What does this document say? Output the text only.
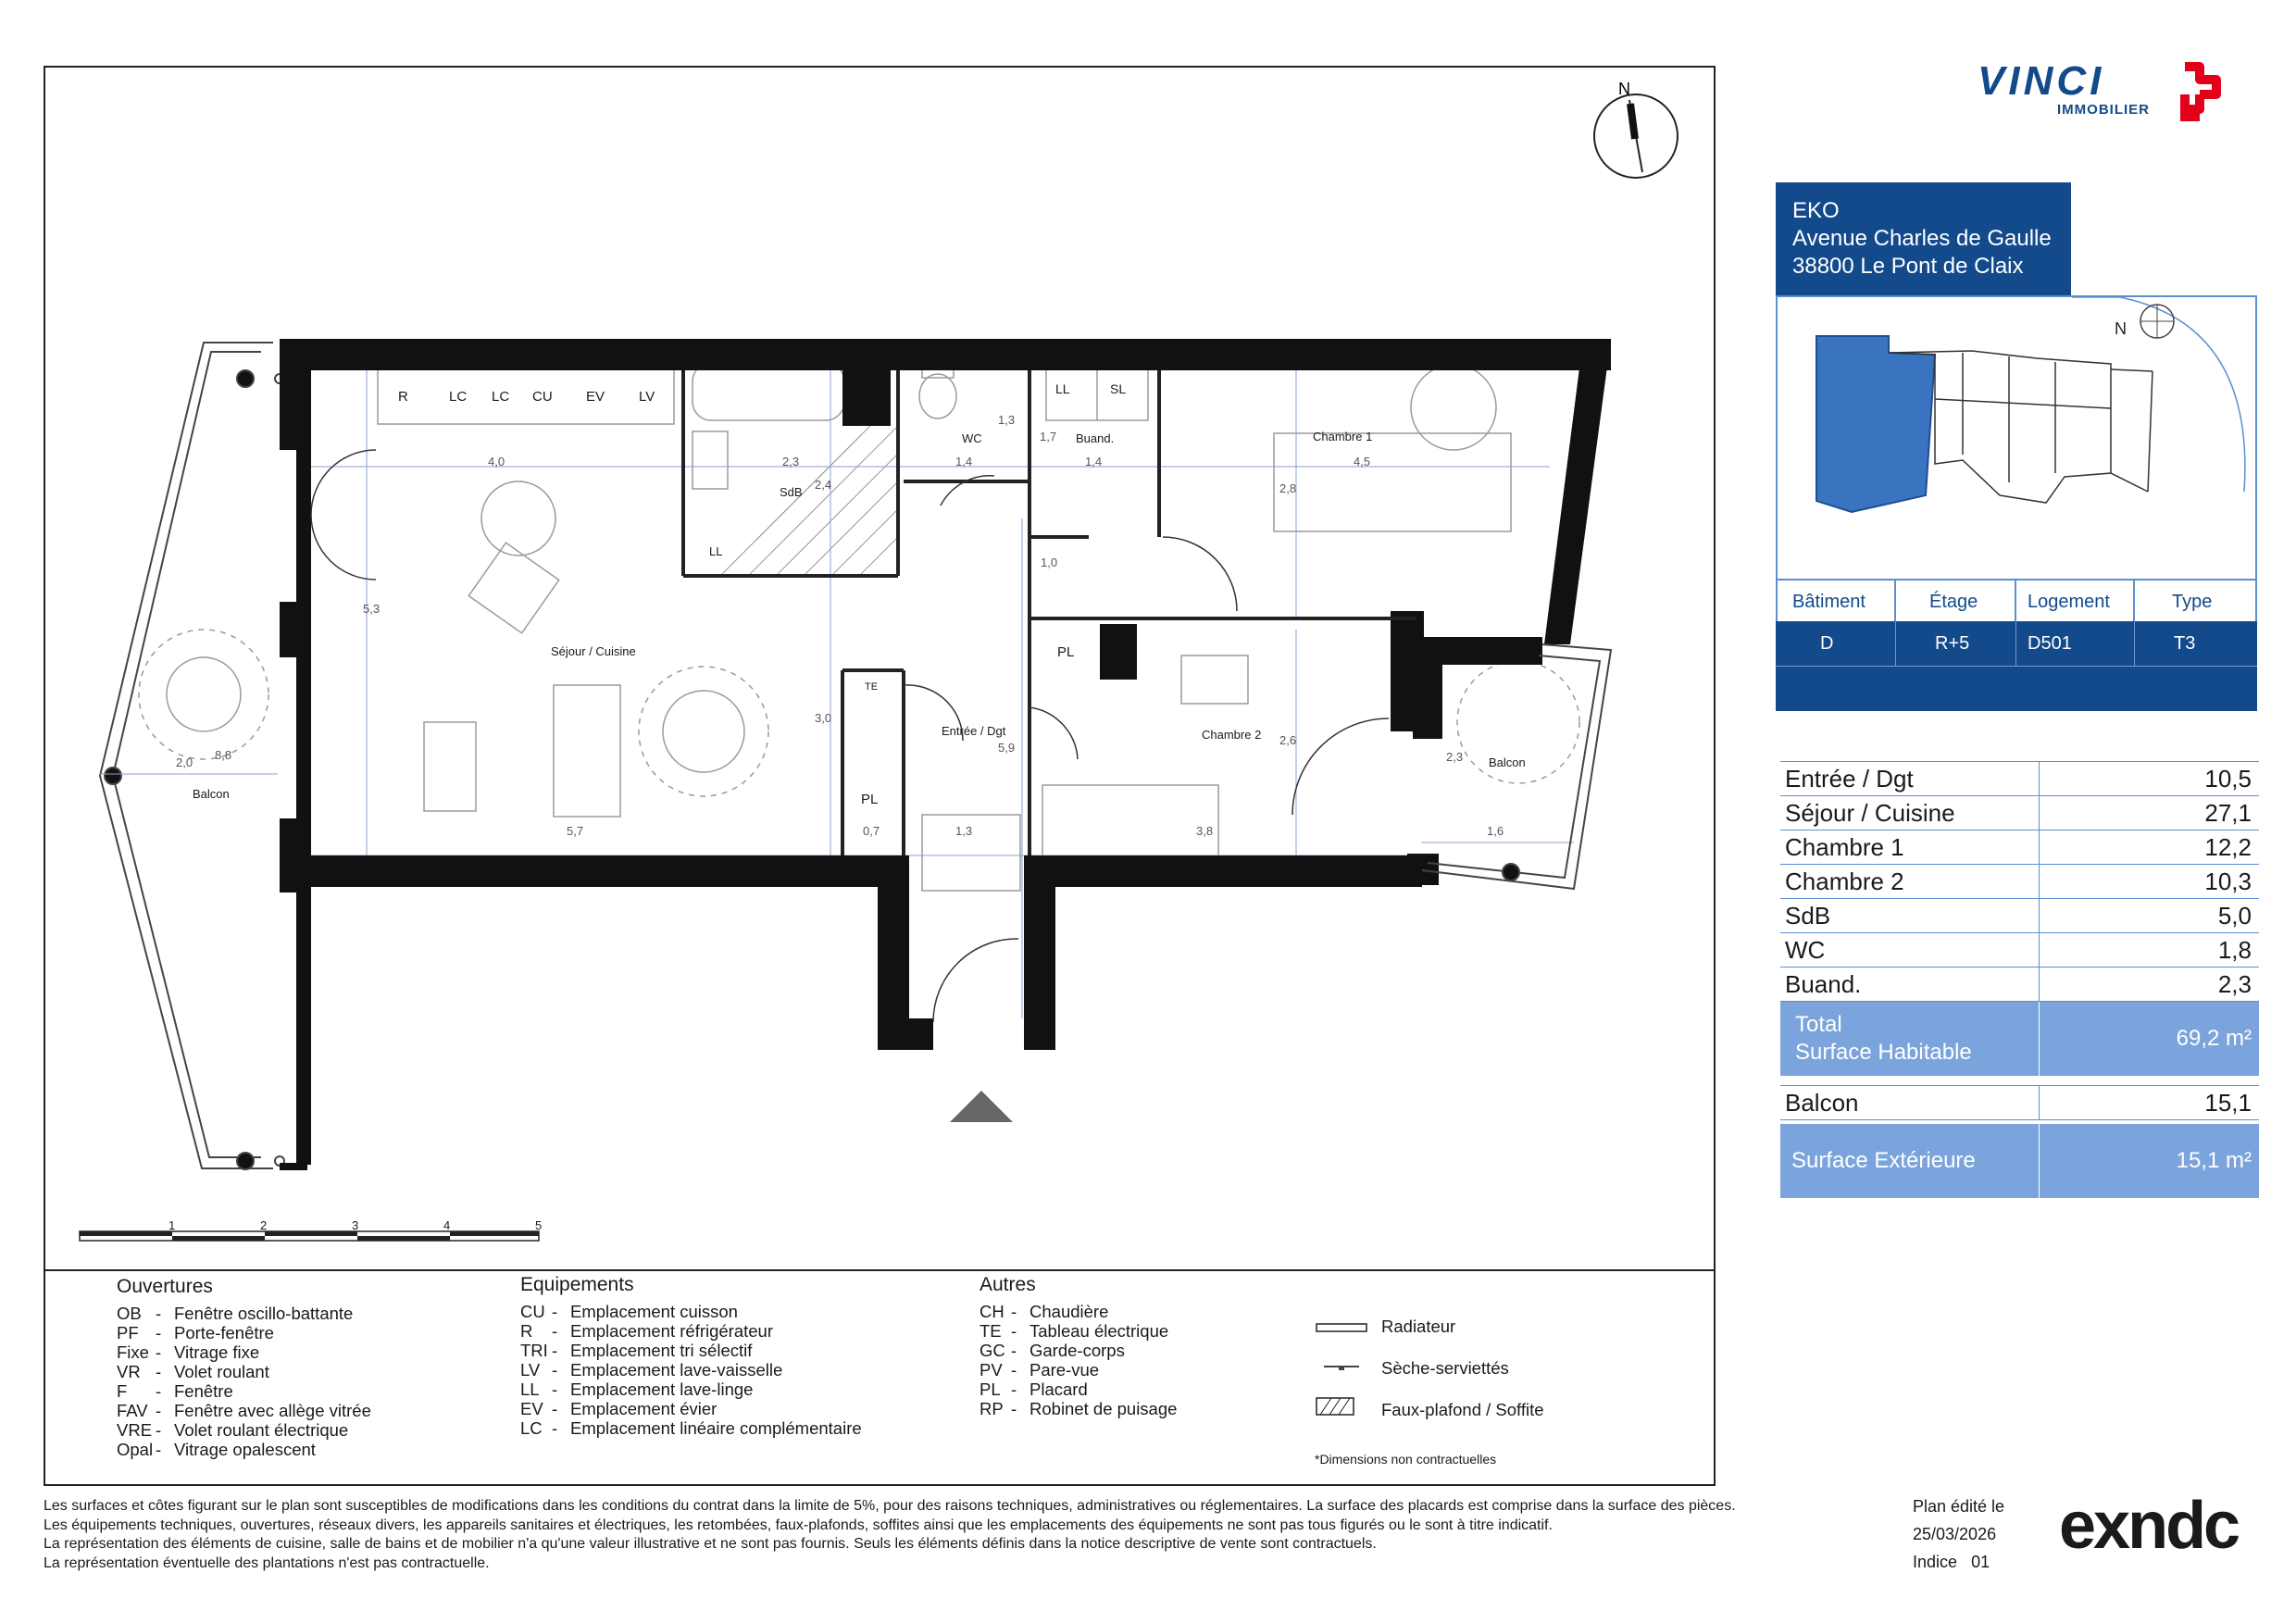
N
1	2	3	4	5
Séjour / Cuisine
Chambre 1
Chambre 2
SdB
WC	Buand.
Entrée / Dgt
Balcon
Balcon
PL
PL
TE
LL
LL	SL
R	LC LC CU EV LV
4,0	2,3	1,4	1,4	4,5
5,7	0,7	1,3	3,8	1,6
2,0
8,8
5,3
2,4
1,3
1,7
1,0
2,8
3,0
5,9
2,6
2,3
VINCI
IMMOBILIER
EKO
Avenue Charles de Gaulle
38800 Le Pont de Claix
N
Bâtiment	Étage	Logement	Type
D	R+5	D501	T3
Entrée / Dgt	10,5
Séjour / Cuisine	27,1
Chambre 1	12,2
Chambre 2	10,3
SdB	5,0
WC	1,8
Buand.	2,3
Total
Surface Habitable
69,2 m²
Balcon	15,1
Surface Extérieure	15,1 m²
Ouvertures
OB - Fenêtre oscillo-battante
PF - Porte-fenêtre
Fixe - Vitrage fixe
VR - Volet roulant
F - Fenêtre
FAV - Fenêtre avec allège vitrée
VRE - Volet roulant électrique
Opal - Vitrage opalescent
Equipements
CU - Emplacement cuisson
R - Emplacement réfrigérateur
TRI - Emplacement tri sélectif
LV - Emplacement lave-vaisselle
LL - Emplacement lave-linge
EV - Emplacement évier
LC - Emplacement linéaire complémentaire
Autres
CH - Chaudière
TE - Tableau électrique
GC - Garde-corps
PV - Pare-vue
PL - Placard
RP - Robinet de puisage
Radiateur
Sèche-serviettés
Faux-plafond / Soffite
*Dimensions non contractuelles
Les surfaces et côtes figurant sur le plan sont susceptibles de modifications dans les conditions du contrat dans la limite de 5%, pour des raisons techniques, administratives ou réglementaires. La surface des placards est comprise dans la surface des pièces.
Les équipements techniques, ouvertures, réseaux divers, les appareils sanitaires et électriques, les retombées, faux-plafonds, soffites ainsi que les emplacements des équipements ne sont pas tous figurés ou le sont à titre indicatif.
La représentation des éléments de cuisine, salle de bains et de mobilier n'a qu'une valeur illustrative et ne sont pas fournis. Seuls les éléments définis dans la notice descriptive de vente sont contractuels.
La représentation éventuelle des plantations n'est pas contractuelle.
Plan édité le
25/03/2026
Indice 01 exndc
